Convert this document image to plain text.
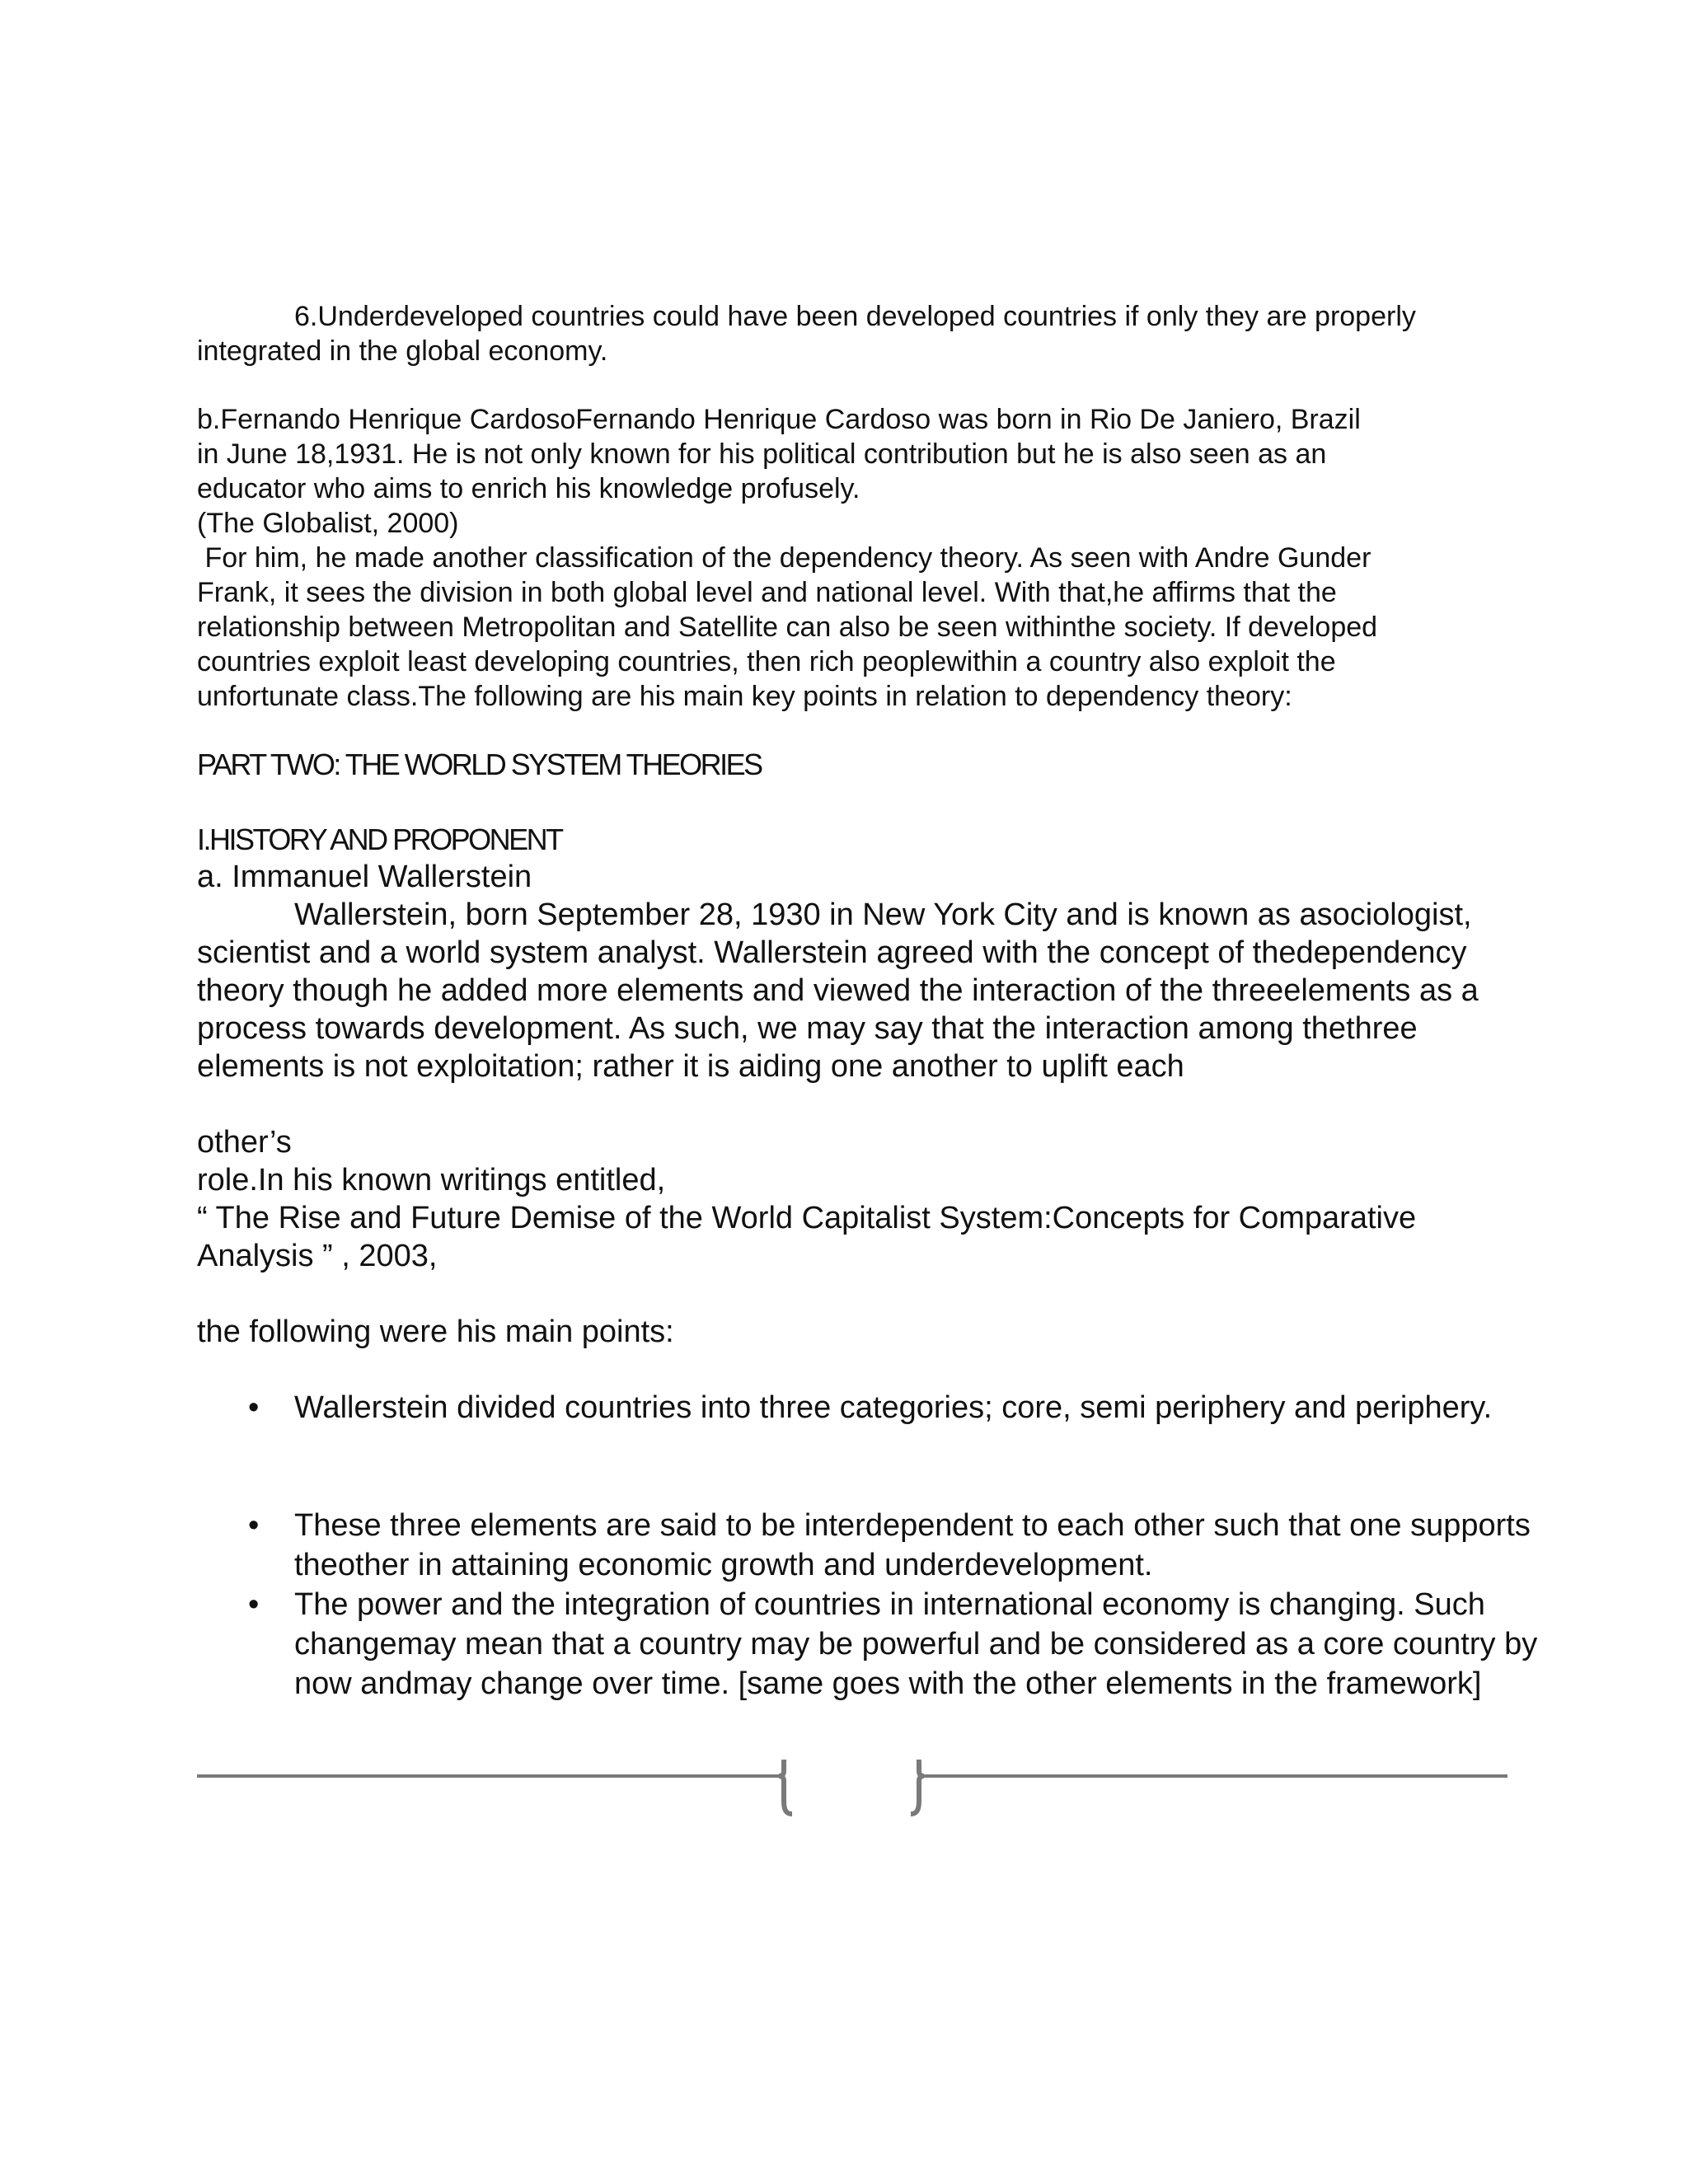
6.Underdeveloped countries could have been developed countries if only they are properly integrated in the global economy.

b.Fernando Henrique CardosoFernando Henrique Cardoso was born in Rio De Janiero, Brazil
in June 18,1931. He is not only known for his political contribution but he is also seen as an
educator who aims to enrich his knowledge profusely.
(The Globalist, 2000)
For him, he made another classification of the dependency theory. As seen with Andre Gunder
Frank, it sees the division in both global level and national level. With that,he affirms that the
relationship between Metropolitan and Satellite can also be seen withinthe society. If developed
countries exploit least developing countries, then rich peoplewithin a country also exploit the
unfortunate class.The following are his main key points in relation to dependency theory:
PART TWO: THE WORLD SYSTEM THEORIES
I.HISTORY AND PROPONENT
a. Immanuel Wallerstein

Wallerstein, born September 28, 1930 in New York City and is known as asociologist, scientist and a world system analyst. Wallerstein agreed with the concept of thedependency theory though he added more elements and viewed the interaction of the threeelements as a process towards development. As such, we may say that the interaction among thethree elements is not exploitation; rather it is aiding one another to uplift each

other’s
role.In his known writings entitled,
“ The Rise and Future Demise of the World Capitalist System:Concepts for Comparative
Analysis ” , 2003,

the following were his main points:

• Wallerstein divided countries into three categories; core, semi periphery and periphery.
• These three elements are said to be interdependent to each other such that one supports theother in attaining economic growth and underdevelopment.
• The power and the integration of countries in international economy is changing. Such changemay mean that a country may be powerful and be considered as a core country by now andmay change over time. [same goes with the other elements in the framework]
